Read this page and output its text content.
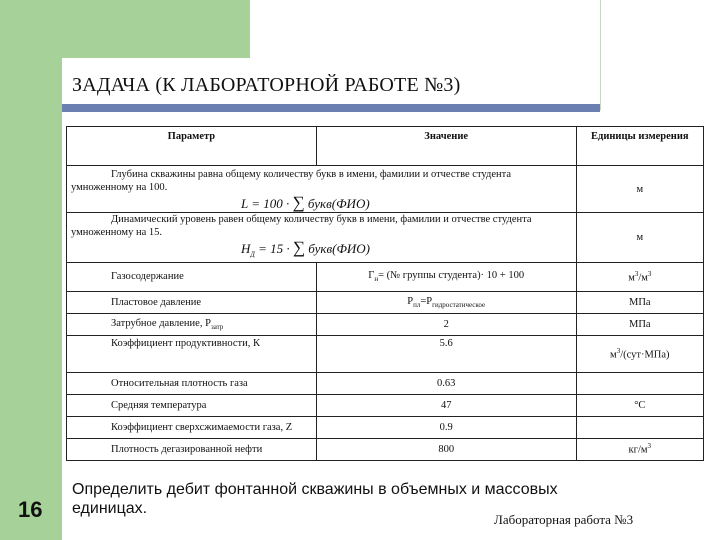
ЗАДАЧА (К ЛАБОРАТОРНОЙ РАБОТЕ №3)
Параметр	Значение	Единицы измерения

Глубина скважины равна общему количеству букв в имени, фамилии и отчестве студента умноженному на 100.
L = 100 · ∑ букв(ФИО)		м

Динамический уровень равен общему количеству букв в имени, фамилии и отчестве студента умноженному на 15.
$H_Д = 15$ · ∑ букв(ФИО)		м
Газосодержание	$Г_н=$ (№ группы студента)· 10 + 100	$м^3/м^3$
Пластовое давление	$Р_{пл}=Р_{гидростатическое}$	МПа
Затрубное давление, $Р_{затр}$	2	МПа
Коэффициент продуктивности, К	5.6	$м^3/(сут\cdot МПа)$
Относительная плотность газа	0.63	
Средняя температура	47	°С
Коэффициент сверхсжимаемости газа, Z	0.9	
Плотность дегазированной нефти	800	$кг/м^3$
Определить дебит фонтанной скважины в объемных и массовых единицах.
Лабораторная работа №3
16
